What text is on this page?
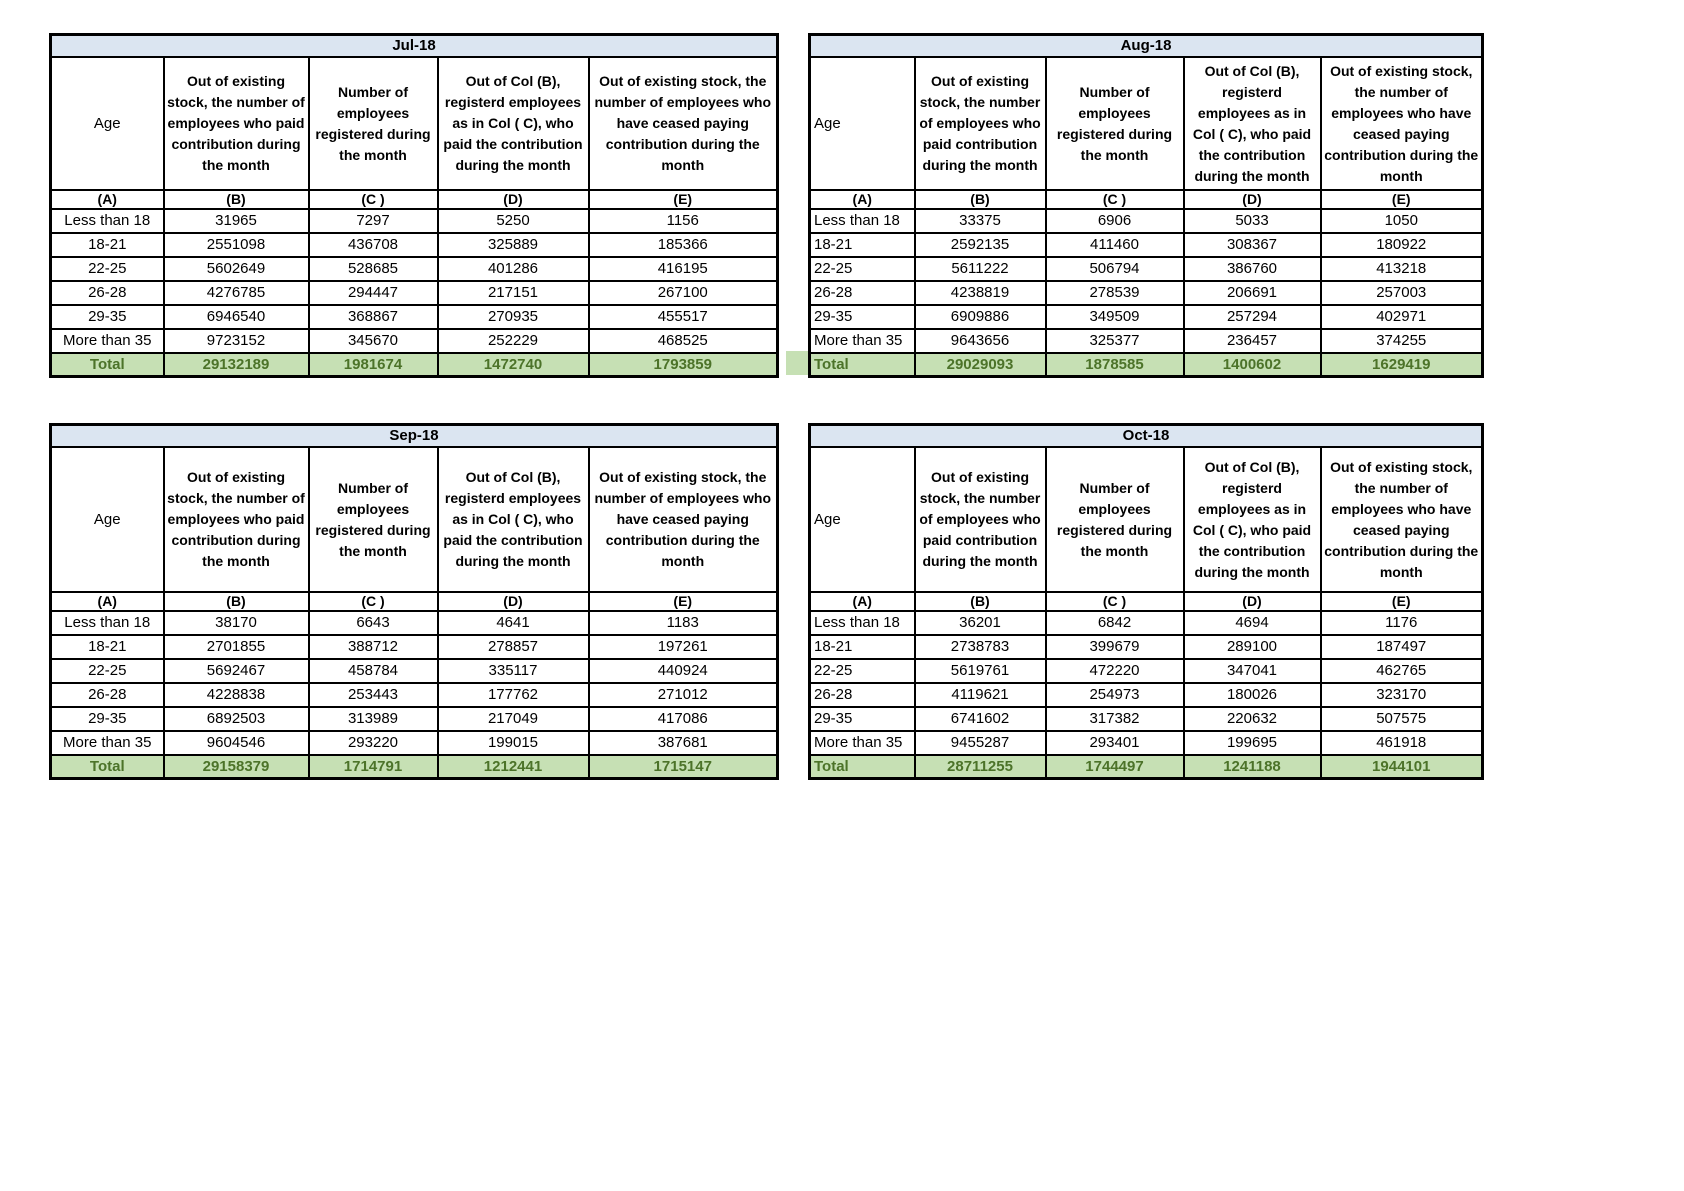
Jul-18				
Age	Out of existing stock, the number of employees who paid contribution during the month	Number of employees registered during the month	Out of Col (B), registerd employees as in Col ( C), who paid the contribution during the month	Out of existing stock, the number of employees who have ceased paying contribution during the month
(A)	(B)	(C )	(D)	(E)
Less than 18	31965	7297	5250	1156
18-21	2551098	436708	325889	185366
22-25	5602649	528685	401286	416195
26-28	4276785	294447	217151	267100
29-35	6946540	368867	270935	455517
More than 35	9723152	345670	252229	468525
Total	29132189	1981674	1472740	1793859
Aug-18				
Age	Out of existing stock, the number of employees who paid contribution during the month	Number of employees registered during the month	Out of Col (B), registerd employees as in Col ( C), who paid the contribution during the month	Out of existing stock, the number of employees who have ceased paying contribution during the month
(A)	(B)	(C )	(D)	(E)
Less than 18	33375	6906	5033	1050
18-21	2592135	411460	308367	180922
22-25	5611222	506794	386760	413218
26-28	4238819	278539	206691	257003
29-35	6909886	349509	257294	402971
More than 35	9643656	325377	236457	374255
Total	29029093	1878585	1400602	1629419
Sep-18				
Age	Out of existing stock, the number of employees who paid contribution during the month	Number of employees registered during the month	Out of Col (B), registerd employees as in Col ( C), who paid the contribution during the month	Out of existing stock, the number of employees who have ceased paying contribution during the month
(A)	(B)	(C )	(D)	(E)
Less than 18	38170	6643	4641	1183
18-21	2701855	388712	278857	197261
22-25	5692467	458784	335117	440924
26-28	4228838	253443	177762	271012
29-35	6892503	313989	217049	417086
More than 35	9604546	293220	199015	387681
Total	29158379	1714791	1212441	1715147
Oct-18				
Age	Out of existing stock, the number of employees who paid contribution during the month	Number of employees registered during the month	Out of Col (B), registerd employees as in Col ( C), who paid the contribution during the month	Out of existing stock, the number of employees who have ceased paying contribution during the month
(A)	(B)	(C )	(D)	(E)
Less than 18	36201	6842	4694	1176
18-21	2738783	399679	289100	187497
22-25	5619761	472220	347041	462765
26-28	4119621	254973	180026	323170
29-35	6741602	317382	220632	507575
More than 35	9455287	293401	199695	461918
Total	28711255	1744497	1241188	1944101
